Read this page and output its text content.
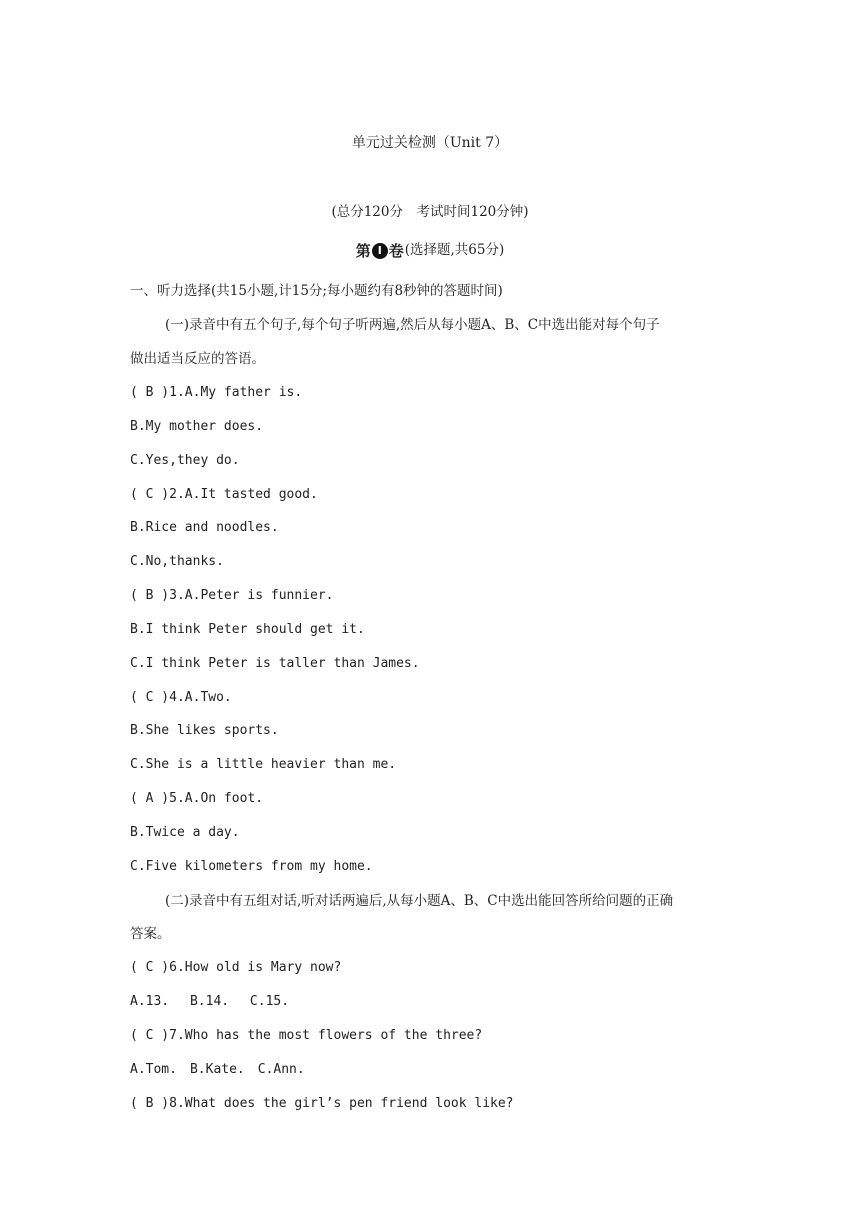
单元过关检测（Unit 7）
(总分120分　考试时间120分钟)
第 Ⅰ 卷 (选择题,共65分)
一、听力选择(共15小题,计15分;每小题约有8秒钟的答题时间)
(一)录音中有五个句子,每个句子听两遍,然后从每小题A、B、C中选出能对每个句子
做出适当反应的答语。
( B )1.A.My father is.
B.My mother does.
C.Yes,they do.
( C )2.A.It tasted good.
B.Rice and noodles.
C.No,thanks.
( B )3.A.Peter is funnier.
B.I think Peter should get it.
C.I think Peter is taller than James.
( C )4.A.Two.
B.She likes sports.
C.She is a little heavier than me.
( A )5.A.On foot.
B.Twice a day.
C.Five kilometers from my home.
(二)录音中有五组对话,听对话两遍后,从每小题A、B、C中选出能回答所给问题的正确
答案。
( C )6.How old is Mary now?
A.13.　 B.14.　 C.15.
( C )7.Who has the most flowers of the three?
A.Tom.　B.Kate.　C.Ann.
( B )8.What does the girl’s pen friend look like?
